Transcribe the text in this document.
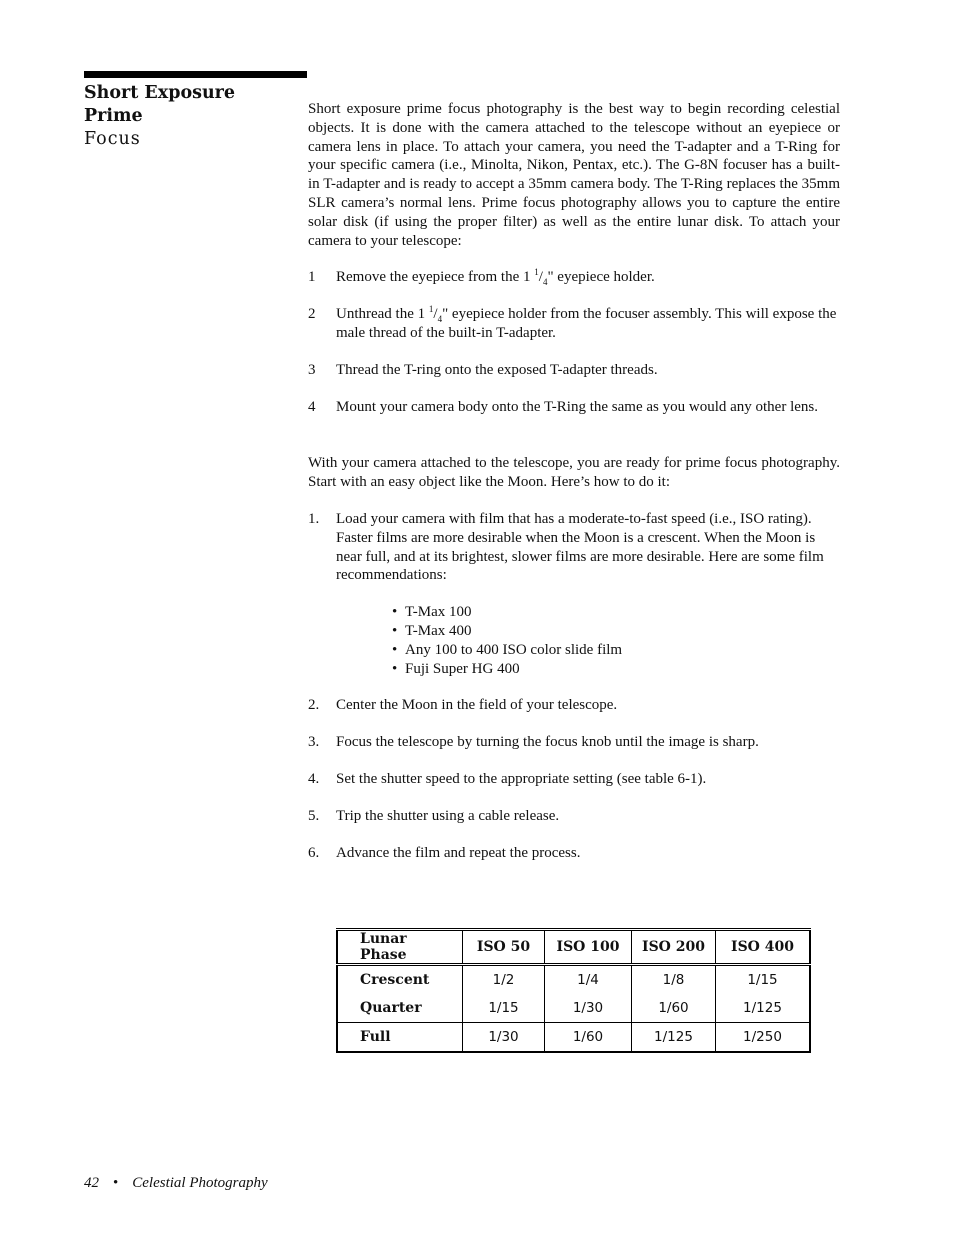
Short Exposure Prime
Focus

Short exposure prime focus photography is the best way to begin recording celestial objects. It is done with the camera attached to the telescope without an eyepiece or camera lens in place. To attach your camera, you need the T-adapter and a T-Ring for your specific camera (i.e., Minolta, Nikon, Pentax, etc.). The G-8N focuser has a built-in T-adapter and is ready to accept a 35mm camera body. The T-Ring replaces the 35mm SLR camera’s normal lens. Prime focus photography allows you to capture the entire solar disk (if using the proper filter) as well as the entire lunar disk. To attach your camera to your telescope:

1	Remove the eyepiece from the 1 $^1/_4$" eyepiece holder.
2	Unthread the 1 $^1/_4$" eyepiece holder from the focuser assembly. This will expose the male thread of the built-in T-adapter.
3	Thread the T-ring onto the exposed T-adapter threads.
4	Mount your camera body onto the T-Ring the same as you would any other lens.

With your camera attached to the telescope, you are ready for prime focus photography. Start with an easy object like the Moon. Here’s how to do it:

1.	Load your camera with film that has a moderate-to-fast speed (i.e., ISO rating). Faster films are more desirable when the Moon is a crescent. When the Moon is near full, and at its brightest, slower films are more desirable. Here are some film recommendations:
• T-Max 100
• T-Max 400
• Any 100 to 400 ISO color slide film
• Fuji Super HG 400
2.	Center the Moon in the field of your telescope.
3.	Focus the telescope by turning the focus knob until the image is sharp.
4.	Set the shutter speed to the appropriate setting (see table 6-1).
5.	Trip the shutter using a cable release.
6.	Advance the film and repeat the process.
Lunar Phase	ISO 50	ISO 100	ISO 200	ISO 400
Crescent	1/2	1/4	1/8	1/15
Quarter	1/15	1/30	1/60	1/125
Full	1/30	1/60	1/125	1/250
42 • Celestial Photography
